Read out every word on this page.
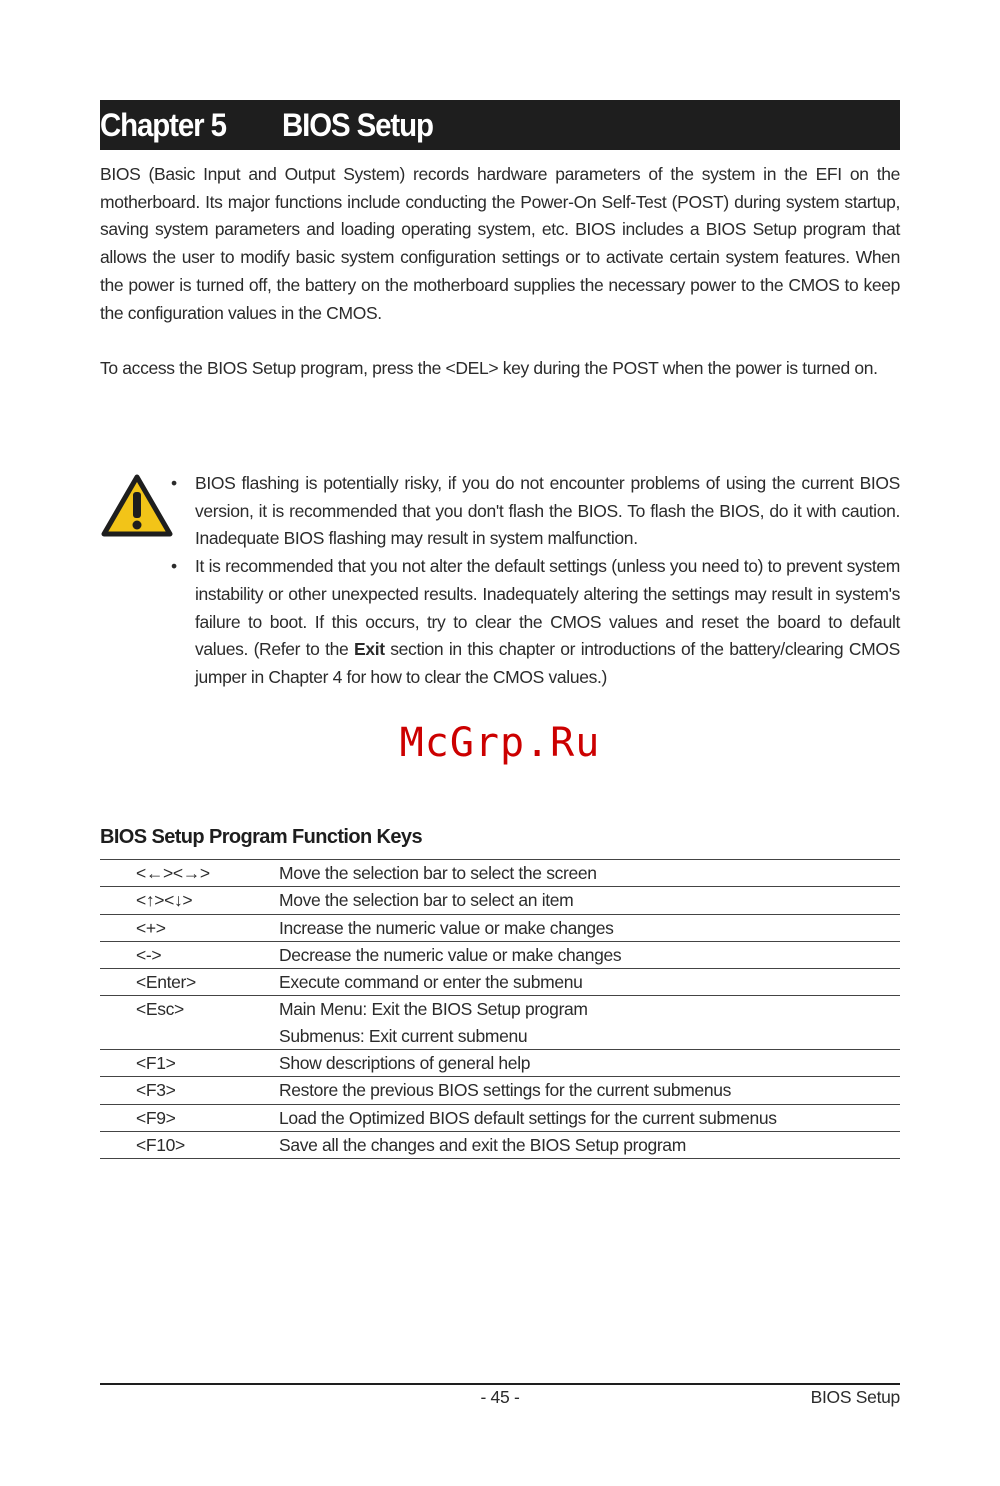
Chapter 5 BIOS Setup
BIOS (Basic Input and Output System) records hardware parameters of the system in the EFI on the motherboard. Its major functions include conducting the Power-On Self-Test (POST) during system startup, saving system parameters and loading operating system, etc. BIOS includes a BIOS Setup program that allows the user to modify basic system configuration settings or to activate certain system features. When the power is turned off, the battery on the motherboard supplies the necessary power to the CMOS to keep the configuration values in the CMOS.
To access the BIOS Setup program, press the <DEL> key during the POST when the power is turned on.
•	BIOS flashing is potentially risky, if you do not encounter problems of using the current BIOS version, it is recommended that you don't flash the BIOS. To flash the BIOS, do it with caution. Inadequate BIOS flashing may result in system malfunction.
•	It is recommended that you not alter the default settings (unless you need to) to prevent system instability or other unexpected results. Inadequately altering the settings may result in system's failure to boot. If this occurs, try to clear the CMOS values and reset the board to default values. (Refer to the Exit section in this chapter or introductions of the battery/clearing CMOS jumper in Chapter 4 for how to clear the CMOS values.)
McGrp.Ru
BIOS Setup Program Function Keys
<←><→>	Move the selection bar to select the screen
<↑><↓>	Move the selection bar to select an item
<+>	Increase the numeric value or make changes
<->	Decrease the numeric value or make changes
<Enter>	Execute command or enter the submenu
<Esc>	Main Menu: Exit the BIOS Setup program
Submenus: Exit current submenu
<F1>	Show descriptions of general help
<F3>	Restore the previous BIOS settings for the current submenus
<F9>	Load the Optimized BIOS default settings for the current submenus
<F10>	Save all the changes and exit the BIOS Setup program
- 45 -	BIOS Setup
